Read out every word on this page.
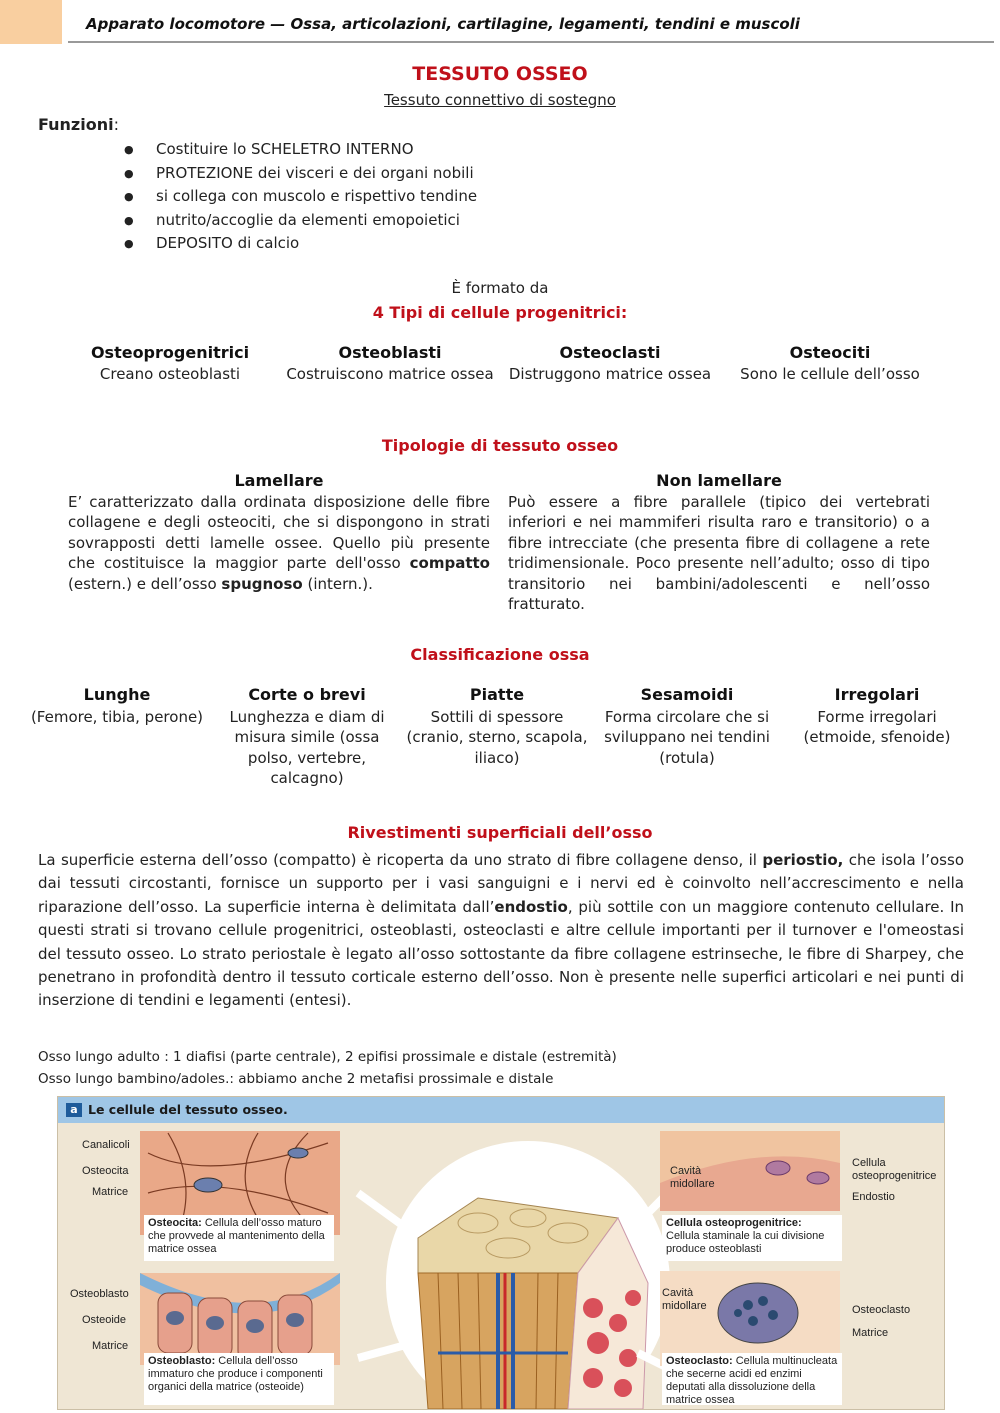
Apparato locomotore — Ossa, articolazioni, cartilagine, legamenti, tendini e muscoli
TESSUTO OSSEO
Tessuto connettivo di sostegno
Funzioni:
● Costituire lo SCHELETRO INTERNO
● PROTEZIONE dei visceri e dei organi nobili
● si collega con muscolo e rispettivo tendine
● nutrito/accoglie da elementi emopoietici
● DEPOSITO di calcio
È formato da
4 Tipi di cellule progenitrici:
Osteoprogenitrici
Creano osteoblasti
Osteoblasti
Costruiscono matrice ossea
Osteoclasti
Distruggono matrice ossea
Osteociti
Sono le cellule dell’osso
Tipologie di tessuto osseo
Lamellare
E’ caratterizzato dalla ordinata disposizione delle fibre collagene e degli osteociti, che si dispongono in strati sovrapposti detti lamelle ossee. Quello più presente che costituisce la maggior parte dell'osso compatto (estern.) e dell’osso spugnoso (intern.).
Non lamellare
Può essere a fibre parallele (tipico dei vertebrati inferiori e nei mammiferi risulta raro e transitorio) o a fibre intrecciate (che presenta fibre di collagene a rete tridimensionale. Poco presente nell’adulto; osso di tipo transitorio nei bambini/adolescenti e nell’osso fratturato.
Classificazione ossa
Lunghe
(Femore, tibia, perone)
Corte o brevi
Lunghezza e diam di misura simile (ossa polso, vertebre, calcagno)
Piatte
Sottili di spessore (cranio, sterno, scapola, iliaco)
Sesamoidi
Forma circolare che si sviluppano nei tendini (rotula)
Irregolari
Forme irregolari (etmoide, sfenoide)
Rivestimenti superficiali dell’osso
La superficie esterna dell’osso (compatto) è ricoperta da uno strato di fibre collagene denso, il periostio, che isola l’osso dai tessuti circostanti, fornisce un supporto per i vasi sanguigni e i nervi ed è coinvolto nell’accrescimento e nella riparazione dell’osso. La superficie interna è delimitata dall’endostio, più sottile con un maggiore contenuto cellulare. In questi strati si trovano cellule progenitrici, osteoblasti, osteoclasti e altre cellule importanti per il turnover e l'omeostasi del tessuto osseo. Lo strato periostale è legato all’osso sottostante da fibre collagene estrinseche, le fibre di Sharpey, che penetrano in profondità dentro il tessuto corticale esterno dell’osso. Non è presente nelle superfici articolari e nei punti di inserzione di tendini e legamenti (entesi).
Osso lungo adulto : 1 diafisi (parte centrale), 2 epifisi prossimale e distale (estremità)
Osso lungo bambino/adoles.: abbiamo anche 2 metafisi prossimale e distale
a Le cellule del tessuto osseo.
Canalicoli
Osteocita
Matrice
Osteoblasto
Osteoide
Matrice
Cavità midollare
Cellula osteoprogenitrice
Endostio
Cavità midollare	Osteoclasto
Matrice
Osteocita: Cellula dell’osso maturo che provvede al mantenimento della matrice ossea
Osteoblasto: Cellula dell’osso immaturo che produce i componenti organici della matrice (osteoide)
Cellula osteoprogenitrice: Cellula staminale la cui divisione produce osteoblasti
Osteoclasto: Cellula multinucleata che secerne acidi ed enzimi deputati alla dissoluzione della matrice ossea
